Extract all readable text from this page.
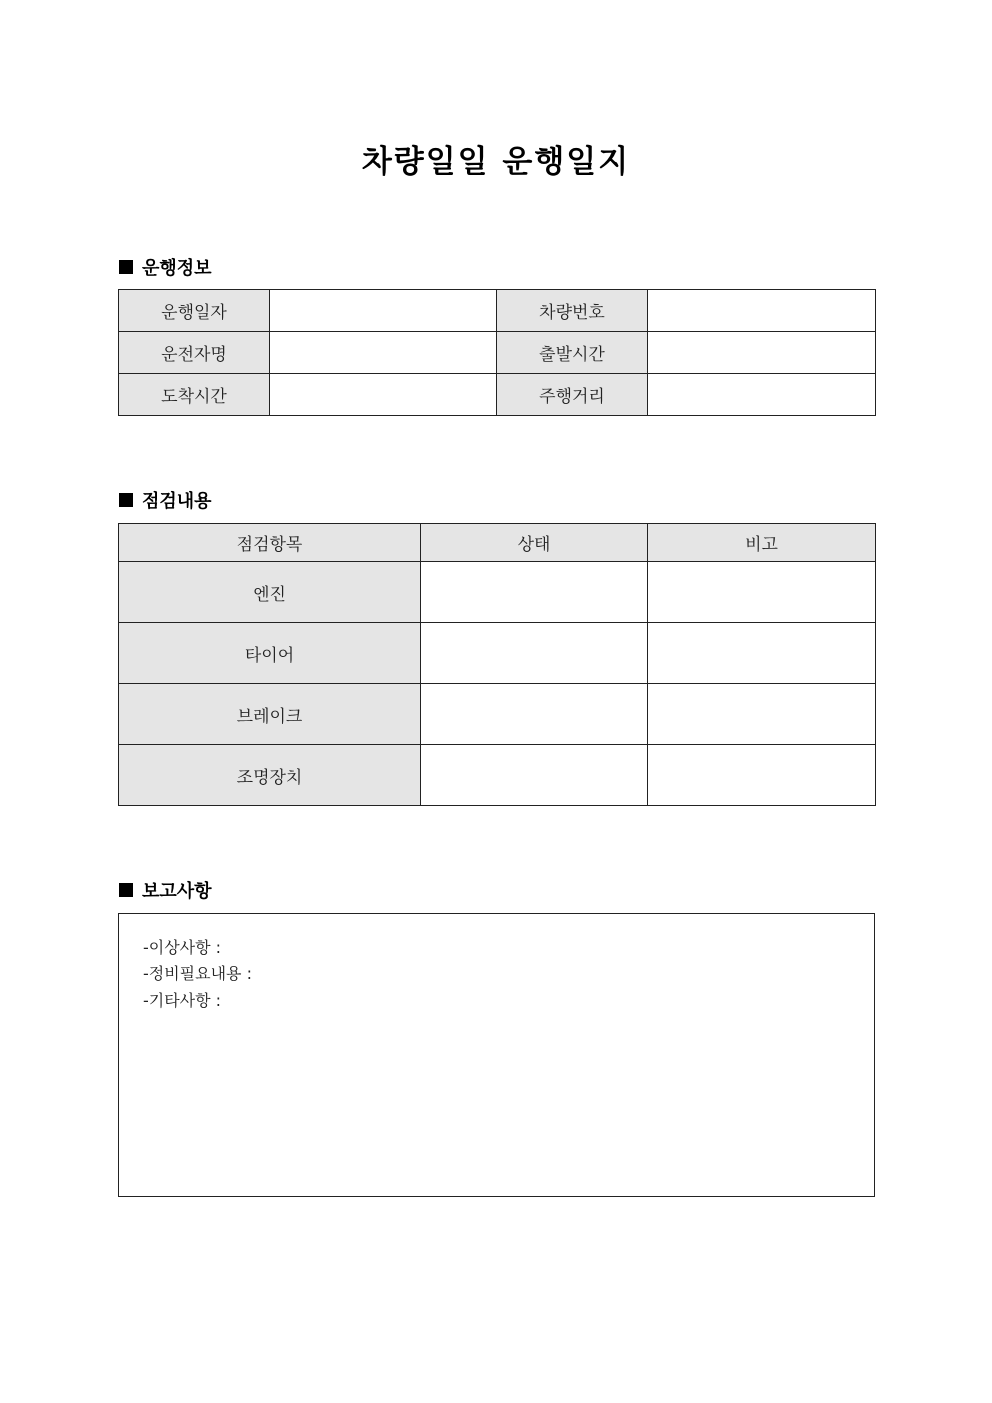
차량일일 운행일지
운행정보
운행일자		차량번호	
운전자명		출발시간	
도착시간		주행거리	
점검내용
점검항목	상태	비고
엔진		
타이어		
브레이크		
조명장치		
보고사항
-이상사항 :
-정비필요내용 :
-기타사항 :
